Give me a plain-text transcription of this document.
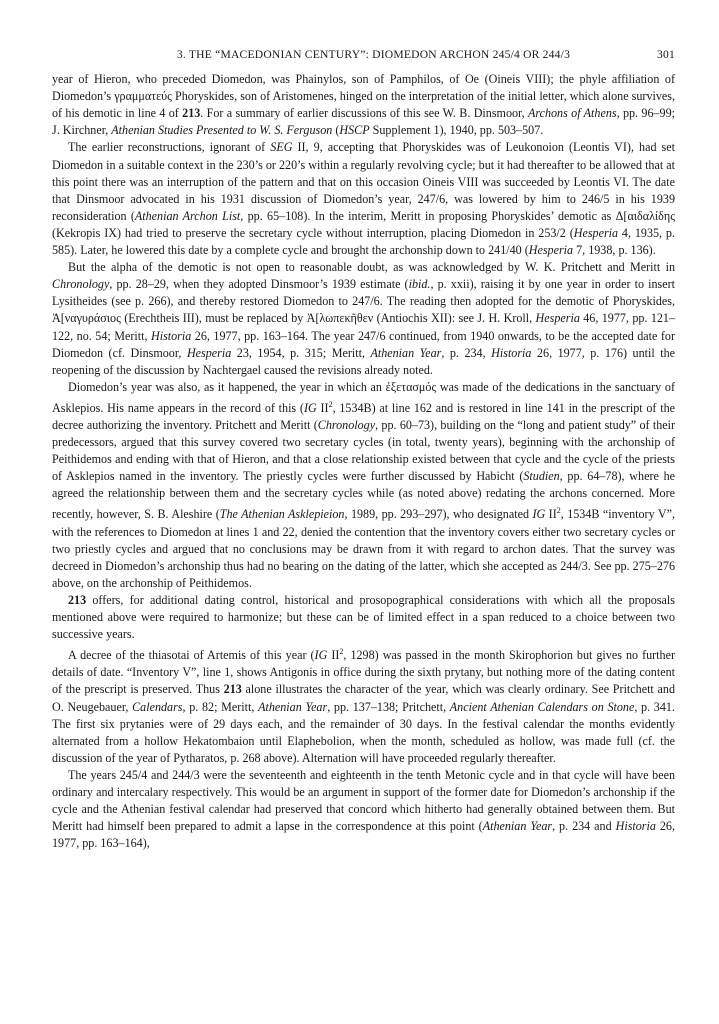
3. THE “MACEDONIAN CENTURY”: DIOMEDON ARCHON 245/4 OR 244/3	301

year of Hieron, who preceded Diomedon, was Phainylos, son of Pamphilos, of Oe (Oineis VIII); the phyle affiliation of Diomedon’s γραμματεύς Phoryskides, son of Aristomenes, hinged on the interpretation of the initial letter, which alone survives, of his demotic in line 4 of 213. For a summary of earlier discussions of this see W. B. Dinsmoor, Archons of Athens, pp. 96–99; J. Kirchner, Athenian Studies Presented to W. S. Ferguson (HSCP Supplement 1), 1940, pp. 503–507.

The earlier reconstructions, ignorant of SEG II, 9, accepting that Phoryskides was of Leukonoion (Leontis VI), had set Diomedon in a suitable context in the 230’s or 220’s within a regularly revolving cycle; but it had thereafter to be allowed that at this point there was an interruption of the pattern and that on this occasion Oineis VIII was succeeded by Leontis VI. The date that Dinsmoor advocated in his 1931 discussion of Diomedon’s year, 247/6, was lowered by him to 246/5 in his 1939 reconsideration (Athenian Archon List, pp. 65–108). In the interim, Meritt in proposing Phoryskides’ demotic as Δ[αιδαλίδης (Kekropis IX) had tried to preserve the secretary cycle without interruption, placing Diomedon in 253/2 (Hesperia 4, 1935, p. 585). Later, he lowered this date by a complete cycle and brought the archonship down to 241/40 (Hesperia 7, 1938, p. 136).

But the alpha of the demotic is not open to reasonable doubt, as was acknowledged by W. K. Pritchett and Meritt in Chronology, pp. 28–29, when they adopted Dinsmoor’s 1939 estimate (ibid., p. xxii), raising it by one year in order to insert Lysitheides (see p. 266), and thereby restored Diomedon to 247/6. The reading then adopted for the demotic of Phoryskides, Ἀ[ναγυράσιος (Erechtheis III), must be replaced by Ἀ[λωπεκῆθεν (Antiochis XII): see J. H. Kroll, Hesperia 46, 1977, pp. 121–122, no. 54; Meritt, Historia 26, 1977, pp. 163–164. The year 247/6 continued, from 1940 onwards, to be the accepted date for Diomedon (cf. Dinsmoor, Hesperia 23, 1954, p. 315; Meritt, Athenian Year, p. 234, Historia 26, 1977, p. 176) until the reopening of the discussion by Nachtergael caused the revisions already noted.

Diomedon’s year was also, as it happened, the year in which an ἐξετασμός was made of the dedications in the sanctuary of Asklepios. His name appears in the record of this (IG $II^2$, 1534B) at line 162 and is restored in line 141 in the prescript of the decree authorizing the inventory. Pritchett and Meritt (Chronology, pp. 60–73), building on the “long and patient study” of their predecessors, argued that this survey covered two secretary cycles (in total, twenty years), beginning with the archonship of Peithidemos and ending with that of Hieron, and that a close relationship existed between that cycle and the cycle of the priests of Asklepios named in the inventory. The priestly cycles were further discussed by Habicht (Studien, pp. 64–78), where he agreed the relationship between them and the secretary cycles while (as noted above) redating the archons concerned. More recently, however, S. B. Aleshire (The Athenian Asklepieion, 1989, pp. 293–297), who designated IG $II^2$, 1534B “inventory V”, with the references to Diomedon at lines 1 and 22, denied the contention that the inventory covers either two secretary cycles or two priestly cycles and argued that no conclusions may be drawn from it with regard to archon dates. That the survey was decreed in Diomedon’s archonship thus had no bearing on the dating of the latter, which she accepted as 244/3. See pp. 275–276 above, on the archonship of Peithidemos.

213 offers, for additional dating control, historical and prosopographical considerations with which all the proposals mentioned above were required to harmonize; but these can be of limited effect in a span reduced to a choice between two successive years.

A decree of the thiasotai of Artemis of this year (IG $II^2$, 1298) was passed in the month Skirophorion but gives no further details of date. “Inventory V”, line 1, shows Antigonis in office during the sixth prytany, but nothing more of the dating content of the prescript is preserved. Thus 213 alone illustrates the character of the year, which was clearly ordinary. See Pritchett and O. Neugebauer, Calendars, p. 82; Meritt, Athenian Year, pp. 137–138; Pritchett, Ancient Athenian Calendars on Stone, p. 341. The first six prytanies were of 29 days each, and the remainder of 30 days. In the festival calendar the months evidently alternated from a hollow Hekatombaion until Elaphebolion, when the month, scheduled as hollow, was made full (cf. the discussion of the year of Pytharatos, p. 268 above). Alternation will have proceeded regularly thereafter.

The years 245/4 and 244/3 were the seventeenth and eighteenth in the tenth Metonic cycle and in that cycle will have been ordinary and intercalary respectively. This would be an argument in support of the former date for Diomedon’s archonship if the cycle and the Athenian festival calendar had preserved that concord which hitherto had generally obtained between them. But Meritt had himself been prepared to admit a lapse in the correspondence at this point (Athenian Year, p. 234 and Historia 26, 1977, pp. 163–164),
